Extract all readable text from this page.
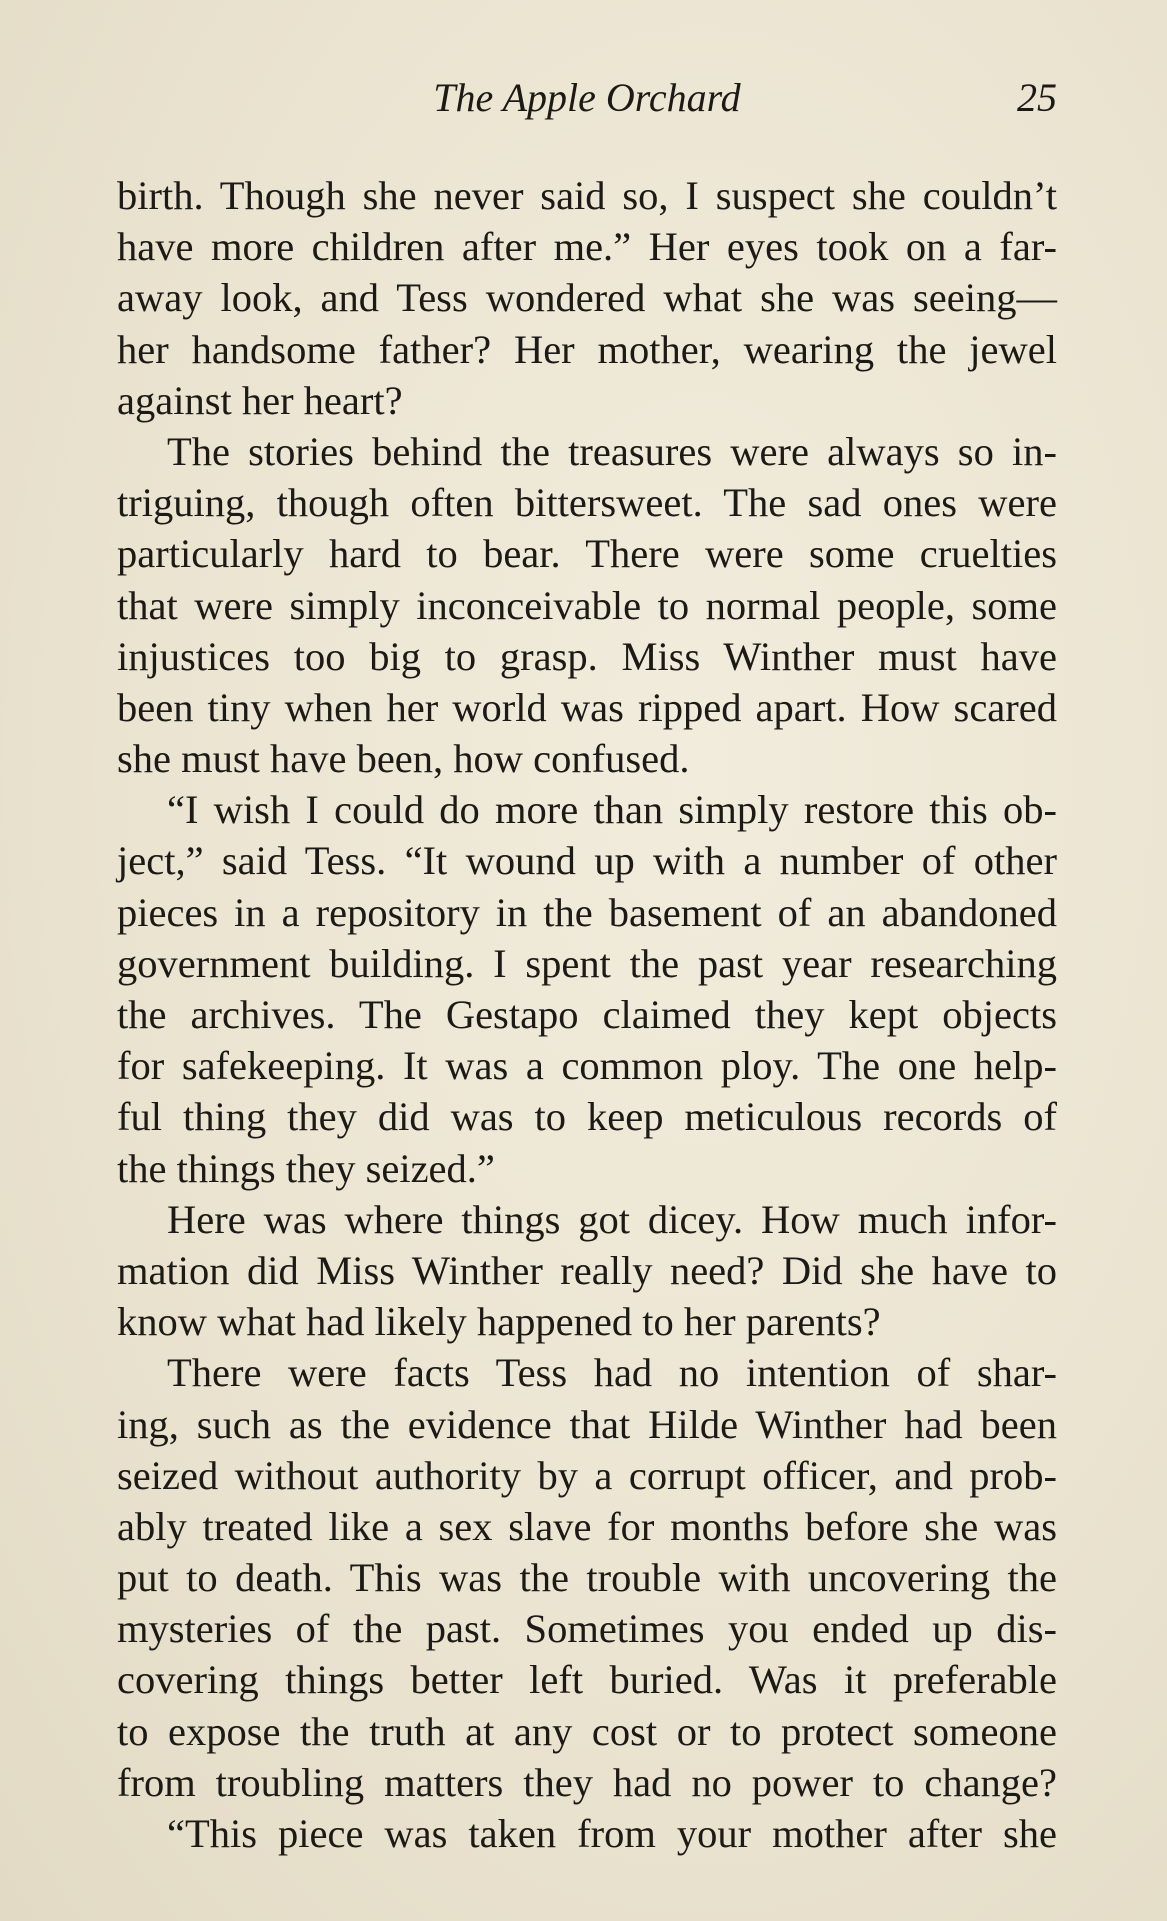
The Apple Orchard	25
birth. Though she never said so, I suspect she couldn’t
have more children after me.” Her eyes took on a far-
away look, and Tess wondered what she was seeing—
her handsome father? Her mother, wearing the jewel
against her heart?
The stories behind the treasures were always so in-
triguing, though often bittersweet. The sad ones were
particularly hard to bear. There were some cruelties
that were simply inconceivable to normal people, some
injustices too big to grasp. Miss Winther must have
been tiny when her world was ripped apart. How scared
she must have been, how confused.
“I wish I could do more than simply restore this ob-
ject,” said Tess. “It wound up with a number of other
pieces in a repository in the basement of an abandoned
government building. I spent the past year researching
the archives. The Gestapo claimed they kept objects
for safekeeping. It was a common ploy. The one help-
ful thing they did was to keep meticulous records of
the things they seized.”
Here was where things got dicey. How much infor-
mation did Miss Winther really need? Did she have to
know what had likely happened to her parents?
There were facts Tess had no intention of shar-
ing, such as the evidence that Hilde Winther had been
seized without authority by a corrupt officer, and prob-
ably treated like a sex slave for months before she was
put to death. This was the trouble with uncovering the
mysteries of the past. Sometimes you ended up dis-
covering things better left buried. Was it preferable
to expose the truth at any cost or to protect someone
from troubling matters they had no power to change?
“This piece was taken from your mother after she
